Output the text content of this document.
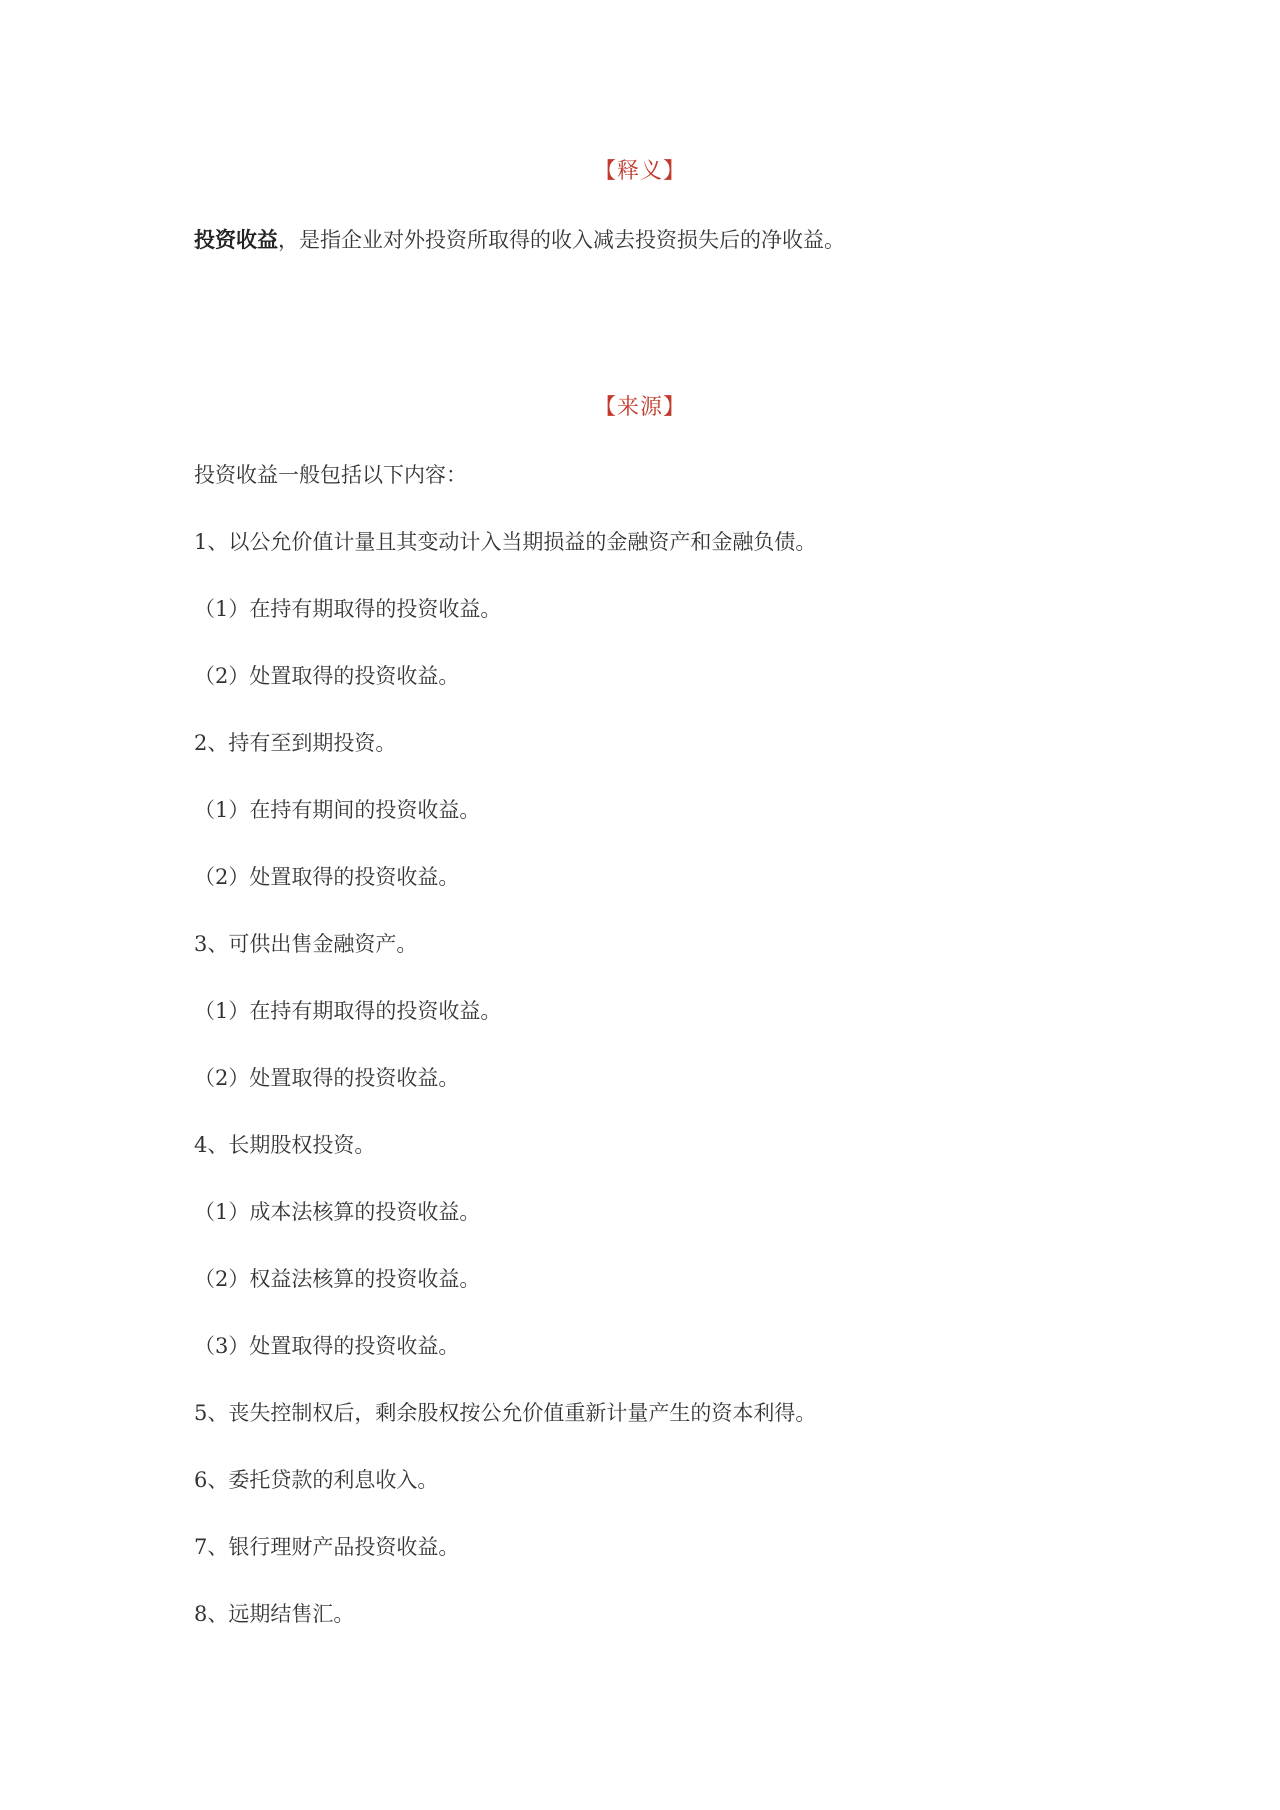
【释义】
投资收益，是指企业对外投资所取得的收入减去投资损失后的净收益。
【来源】
投资收益一般包括以下内容：
1、以公允价值计量且其变动计入当期损益的金融资产和金融负债。
（1）在持有期取得的投资收益。
（2）处置取得的投资收益。
2、持有至到期投资。
（1）在持有期间的投资收益。
（2）处置取得的投资收益。
3、可供出售金融资产。
（1）在持有期取得的投资收益。
（2）处置取得的投资收益。
4、长期股权投资。
（1）成本法核算的投资收益。
（2）权益法核算的投资收益。
（3）处置取得的投资收益。
5、丧失控制权后，剩余股权按公允价值重新计量产生的资本利得。
6、委托贷款的利息收入。
7、银行理财产品投资收益。
8、远期结售汇。
